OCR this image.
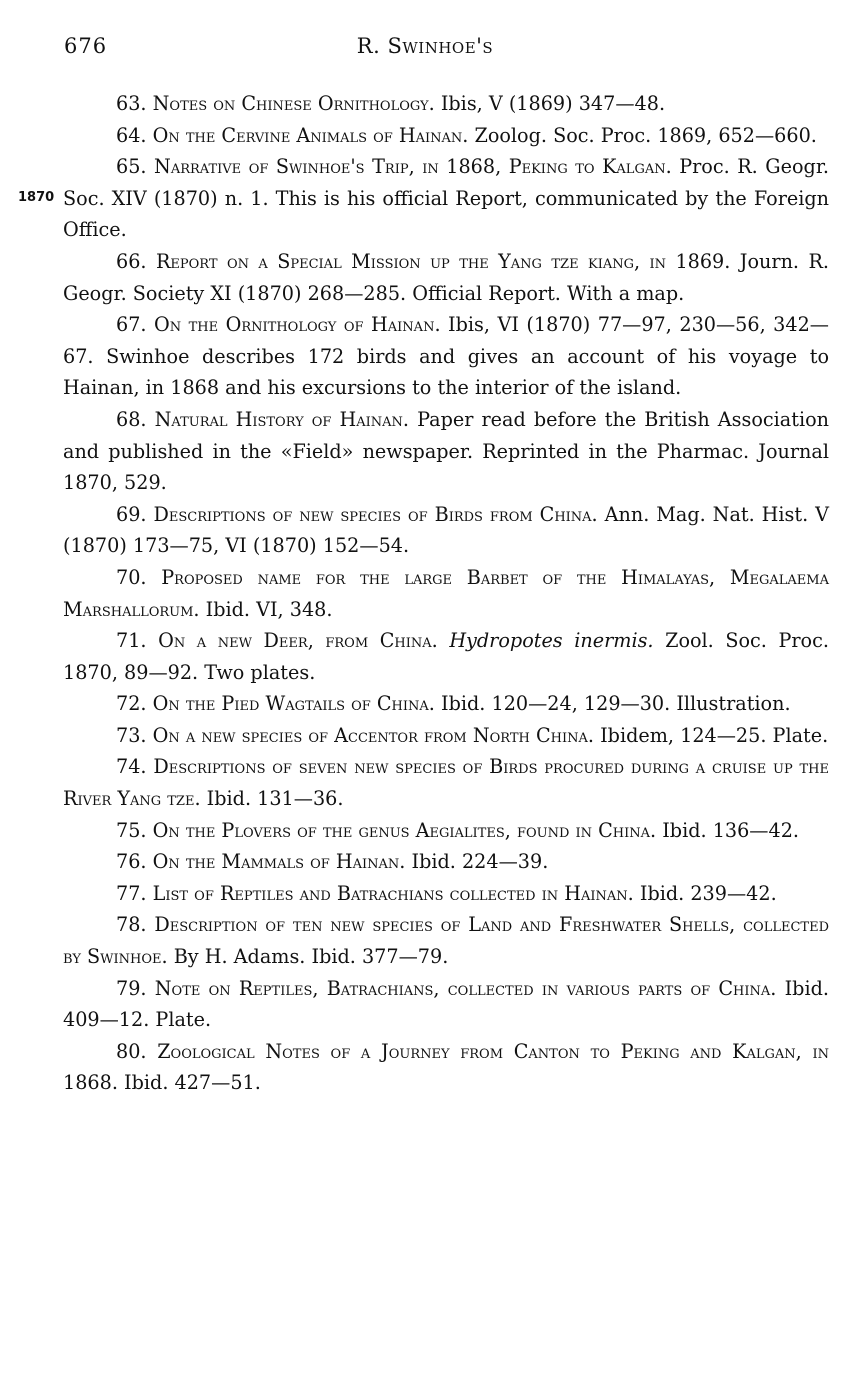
676	R. Swinhoe's
1870

63. Notes on Chinese Ornithology. Ibis, V (1869) 347—48.

64. On the Cervine Animals of Hainan. Zoolog. Soc. Proc. 1869, 652—660.

65. Narrative of Swinhoe's Trip, in 1868, Peking to Kalgan. Proc. R. Geogr. Soc. XIV (1870) n. 1. This is his official Report, communicated by the Foreign Office.

66. Report on a Special Mission up the Yang tze kiang, in 1869. Journ. R. Geogr. Society XI (1870) 268—285. Official Report. With a map.

67. On the Ornithology of Hainan. Ibis, VI (1870) 77—97, 230—56, 342—67. Swinhoe describes 172 birds and gives an account of his voyage to Hainan, in 1868 and his excursions to the interior of the island.

68. Natural History of Hainan. Paper read before the British Association and published in the «Field» newspaper. Reprinted in the Pharmac. Journal 1870, 529.

69. Descriptions of new species of Birds from China. Ann. Mag. Nat. Hist. V (1870) 173—75, VI (1870) 152—54.

70. Proposed name for the large Barbet of the Himalayas, Megalaema Marshallorum. Ibid. VI, 348.

71. On a new Deer, from China. Hydropotes inermis. Zool. Soc. Proc. 1870, 89—92. Two plates.

72. On the Pied Wagtails of China. Ibid. 120—24, 129—30. Illustration.

73. On a new species of Accentor from North China. Ibidem, 124—25. Plate.

74. Descriptions of seven new species of Birds procured during a cruise up the River Yang tze. Ibid. 131—36.

75. On the Plovers of the genus Aegialites, found in China. Ibid. 136—42.

76. On the Mammals of Hainan. Ibid. 224—39.

77. List of Reptiles and Batrachians collected in Hainan. Ibid. 239—42.

78. Description of ten new species of Land and Freshwater Shells, collected by Swinhoe. By H. Adams. Ibid. 377—79.

79. Note on Reptiles, Batrachians, collected in various parts of China. Ibid. 409—12. Plate.

80. Zoological Notes of a Journey from Canton to Peking and Kalgan, in 1868. Ibid. 427—51.
